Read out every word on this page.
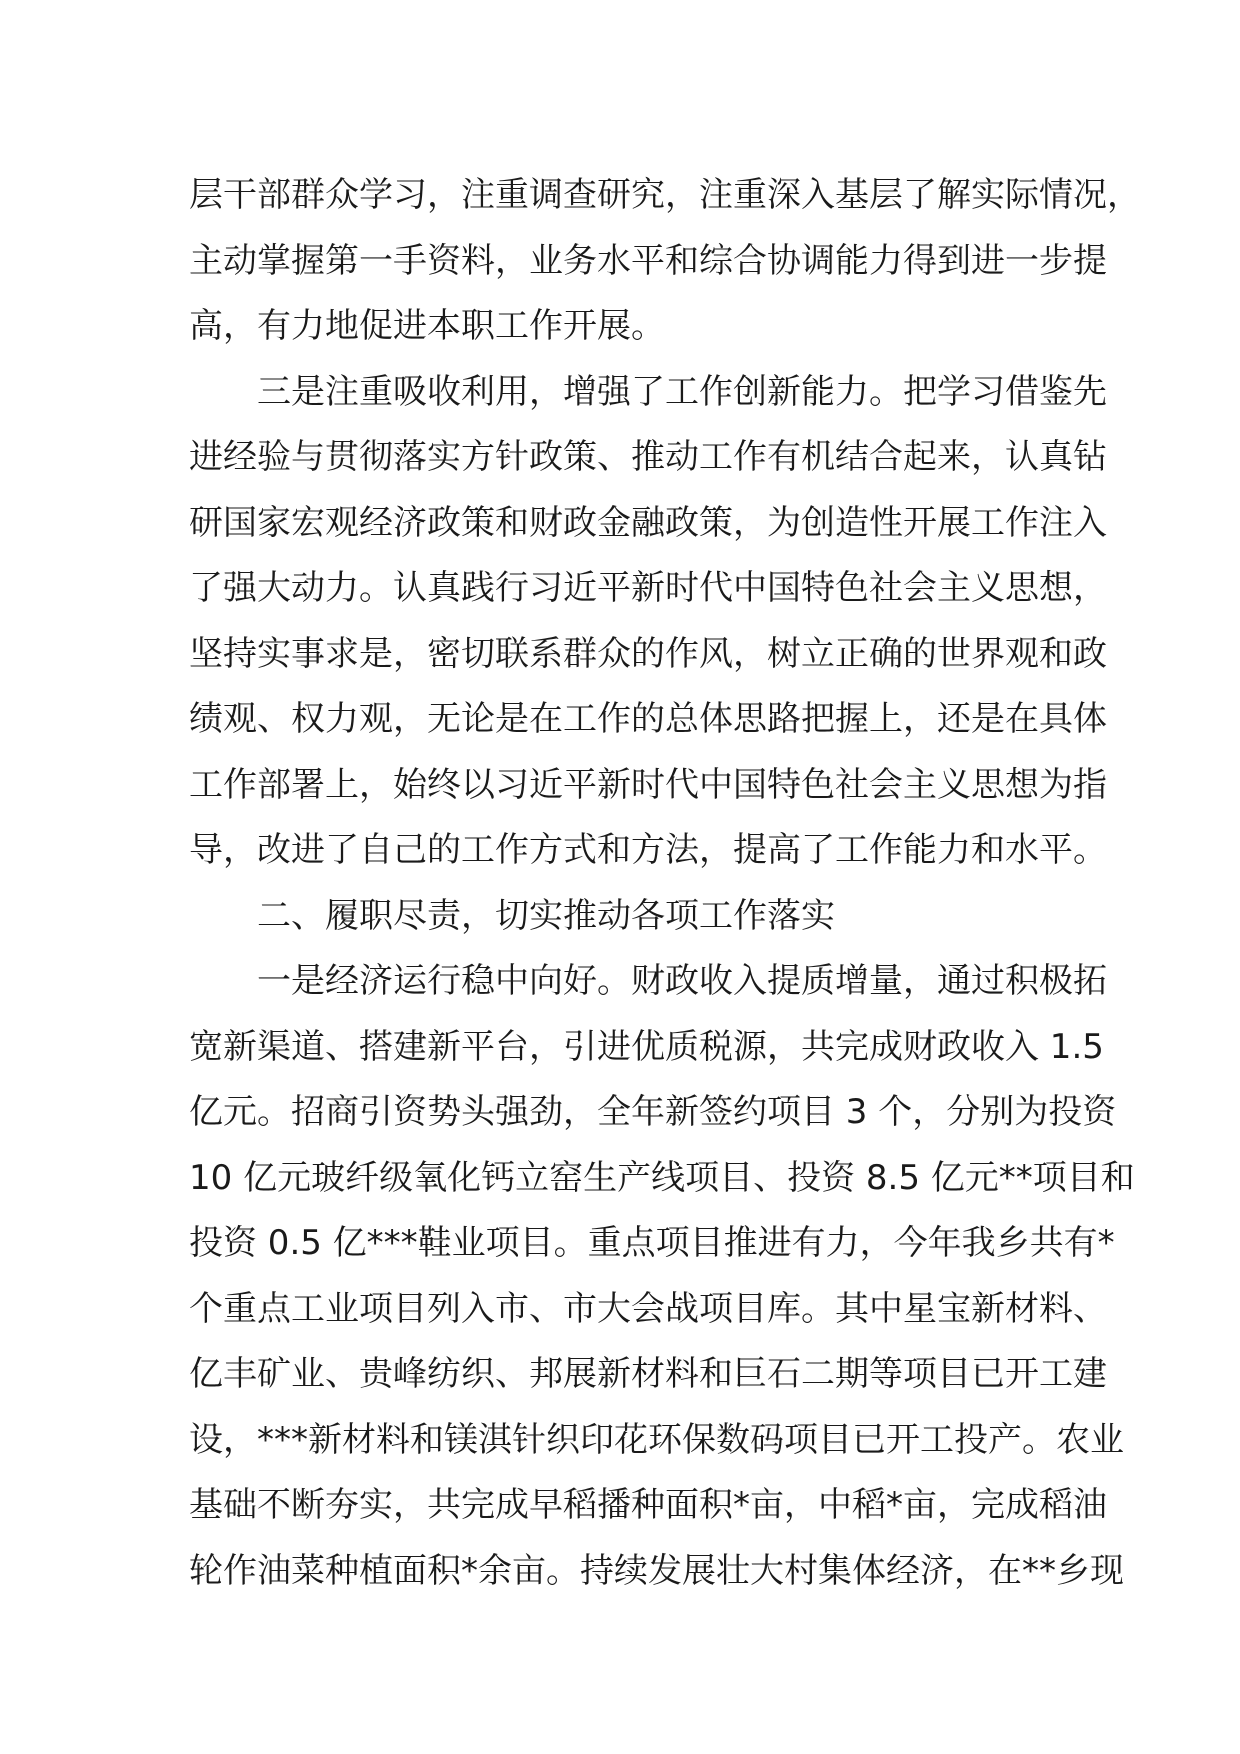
层干部群众学习，注重调查研究，注重深入基层了解实际情况，
主动掌握第一手资料，业务水平和综合协调能力得到进一步提
高，有力地促进本职工作开展。
三是注重吸收利用，增强了工作创新能力。把学习借鉴先
进经验与贯彻落实方针政策、推动工作有机结合起来，认真钻
研国家宏观经济政策和财政金融政策，为创造性开展工作注入
了强大动力。认真践行习近平新时代中国特色社会主义思想，
坚持实事求是，密切联系群众的作风，树立正确的世界观和政
绩观、权力观，无论是在工作的总体思路把握上，还是在具体
工作部署上，始终以习近平新时代中国特色社会主义思想为指
导，改进了自己的工作方式和方法，提高了工作能力和水平。
二、履职尽责，切实推动各项工作落实
一是经济运行稳中向好。财政收入提质增量，通过积极拓
宽新渠道、搭建新平台，引进优质税源，共完成财政收入 1.5
亿元。招商引资势头强劲，全年新签约项目 3 个，分别为投资
10 亿元玻纤级氧化钙立窑生产线项目、投资 8.5 亿元**项目和
投资 0.5 亿***鞋业项目。重点项目推进有力，今年我乡共有*
个重点工业项目列入市、市大会战项目库。其中星宝新材料、
亿丰矿业、贵峰纺织、邦展新材料和巨石二期等项目已开工建
设，***新材料和镁淇针织印花环保数码项目已开工投产。农业
基础不断夯实，共完成早稻播种面积*亩，中稻*亩，完成稻油
轮作油菜种植面积*余亩。持续发展壮大村集体经济，在**乡现
